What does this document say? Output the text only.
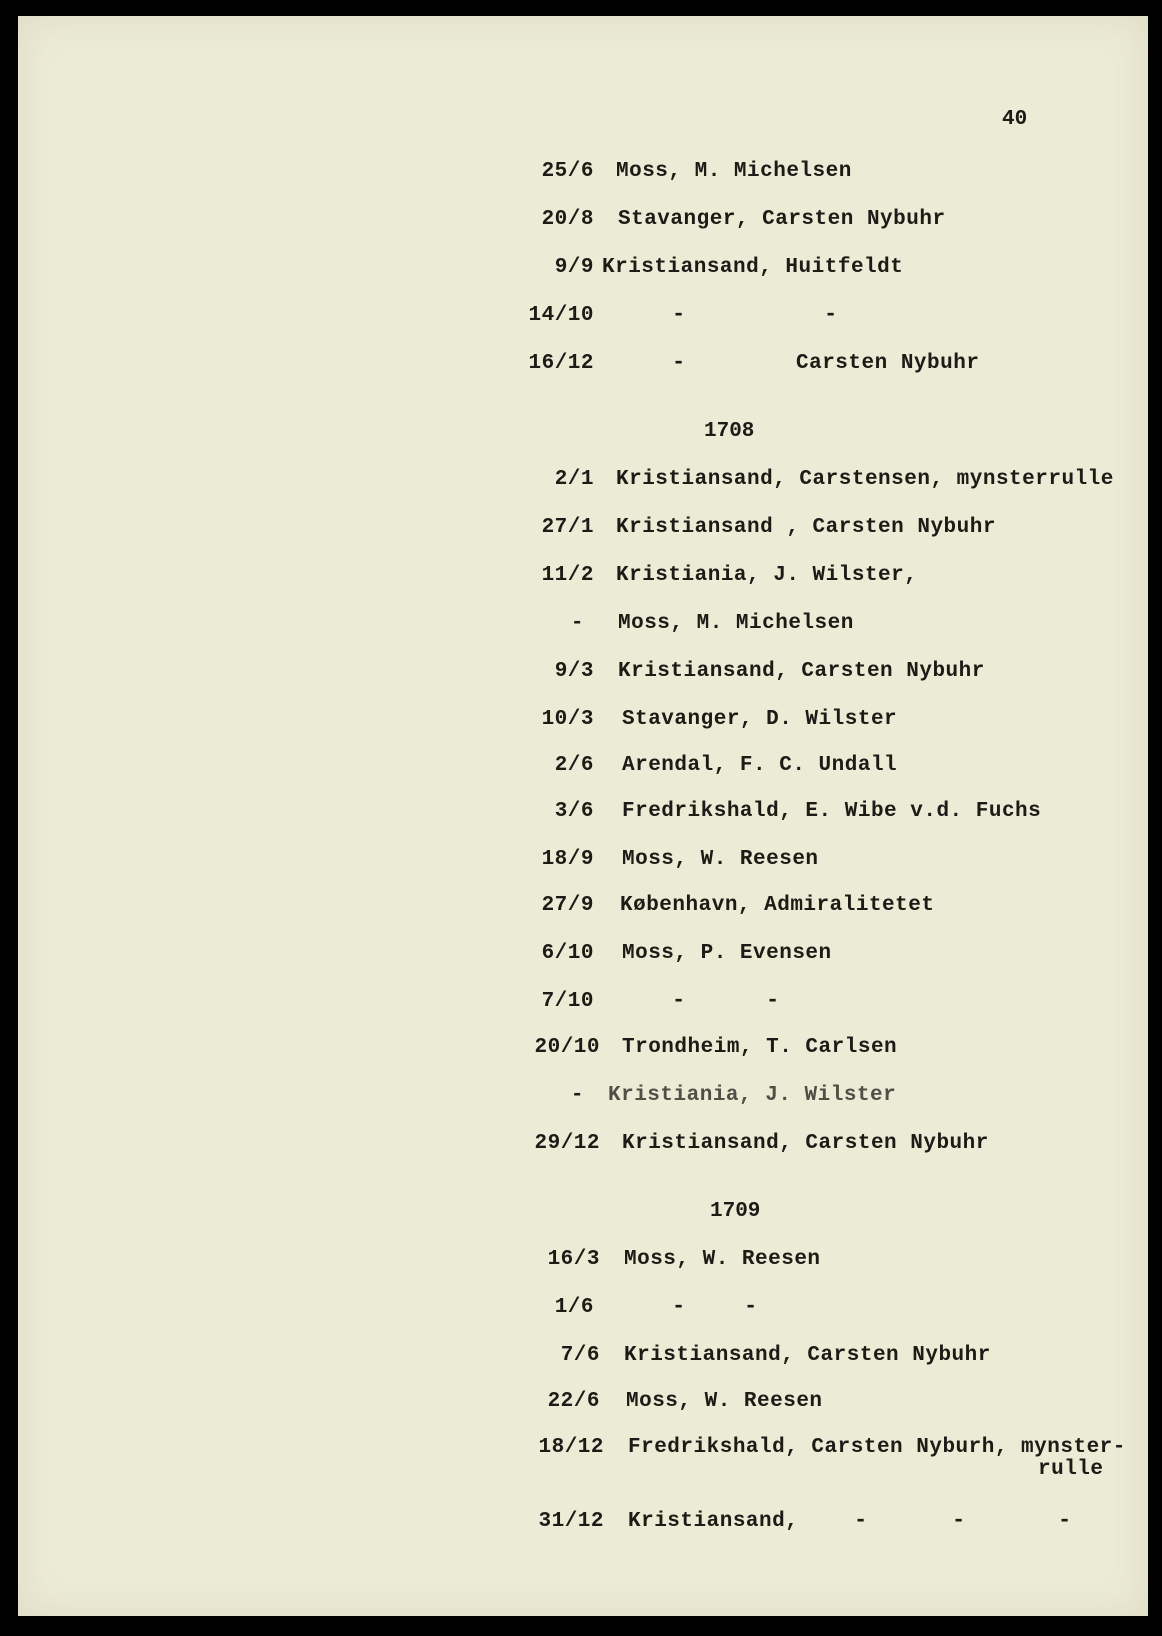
40
25/6 Moss, M. Michelsen
20/8 Stavanger, Carsten Nybuhr
9/9 Kristiansand, Huitfeldt
14/10	-	-
16/12	-	Carsten Nybuhr
1708
2/1 Kristiansand, Carstensen, mynsterrulle
27/1 Kristiansand , Carsten Nybuhr
11/2 Kristiania, J. Wilster,
- Moss, M. Michelsen
9/3 Kristiansand, Carsten Nybuhr
10/3 Stavanger, D. Wilster
2/6 Arendal, F. C. Undall
3/6 Fredrikshald, E. Wibe v.d. Fuchs
18/9 Moss, W. Reesen
27/9 København, Admiralitetet
6/10 Moss, P. Evensen
7/10	-	-
20/10 Trondheim, T. Carlsen
- Kristiania, J. Wilster
29/12 Kristiansand, Carsten Nybuhr
1709
16/3 Moss, W. Reesen
1/6	-	-
7/6 Kristiansand, Carsten Nybuhr
22/6 Moss, W. Reesen
18/12 Fredrikshald, Carsten Nyburh, mynster-
rulle
31/12 Kristiansand,	-	-	-
